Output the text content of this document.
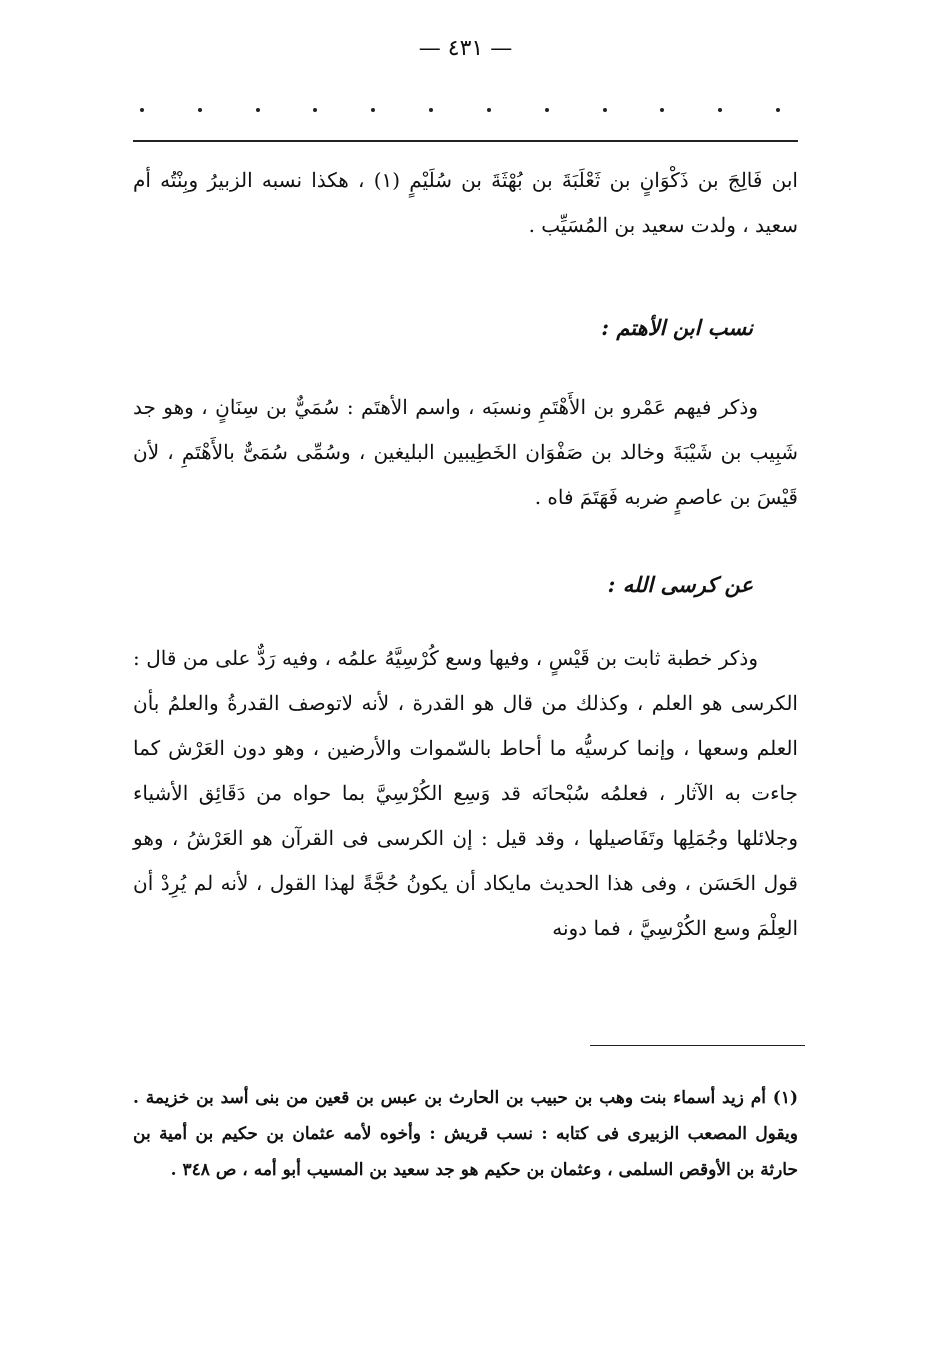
— ٤٣١ —

ابن فَالِجَ بن ذَكْوَانٍ بن ثَعْلَبَةَ بن بُهْثَةَ بن سُلَيْمٍ (١) ، هكذا نسبه الزبيرُ وبِنْتُه أم سعيد ، ولدت سعيد بن المُسَيِّب .

نسب ابن الأهتم :

وذكر فيهم عَمْرو بن الأَهْتَمِ ونسبَه ، واسم الأهتَم : سُمَيٌّ بن سِنَانٍ ، وهو جد شَبِيب بن شَيْبَةَ وخالد بن صَفْوَان الخَطِيبين البليغين ، وسُمِّى سُمَىٌّ بالأَهْتَمِ ، لأن قَيْسَ بن عاصمٍ ضربه فَهَتَمَ فاه .

عن كرسى الله :

وذكر خطبة ثابت بن قَيْسٍ ، وفيها وسع كُرْسِيَّهُ علمُه ، وفيه رَدٌّ على من قال : الكرسى هو العلم ، وكذلك من قال هو القدرة ، لأنه لاتوصف القدرةُ والعلمُ بأن العلم وسعها ، وإنما كرسيُّه ما أحاط بالسّموات والأرضين ، وهو دون العَرْش كما جاءت به الآثار ، فعلمُه سُبْحانَه قد وَسِع الكُرْسِيَّ بما حواه من دَقَائِق الأشياء وجلائلها وجُمَلِها وتَفَاصيلها ، وقد قيل : إن الكرسى فى القرآن هو العَرْشُ ، وهو قول الحَسَن ، وفى هذا الحديث مايكاد أن يكونُ حُجَّةً لهذا القول ، لأنه لم يُرِدْ أن العِلْمَ وسع الكُرْسِيَّ ، فما دونه

(١) أم زيد أسماء بنت وهب بن حبيب بن الحارث بن عبس بن قعين من بنى أسد بن خزيمة . ويقول المصعب الزبيرى فى كتابه : نسب قريش : وأخوه لأمه عثمان بن حكيم بن أمية بن حارثة بن الأوقص السلمى ، وعثمان بن حكيم هو جد سعيد بن المسيب أبو أمه ، ص ٣٤٨ .
